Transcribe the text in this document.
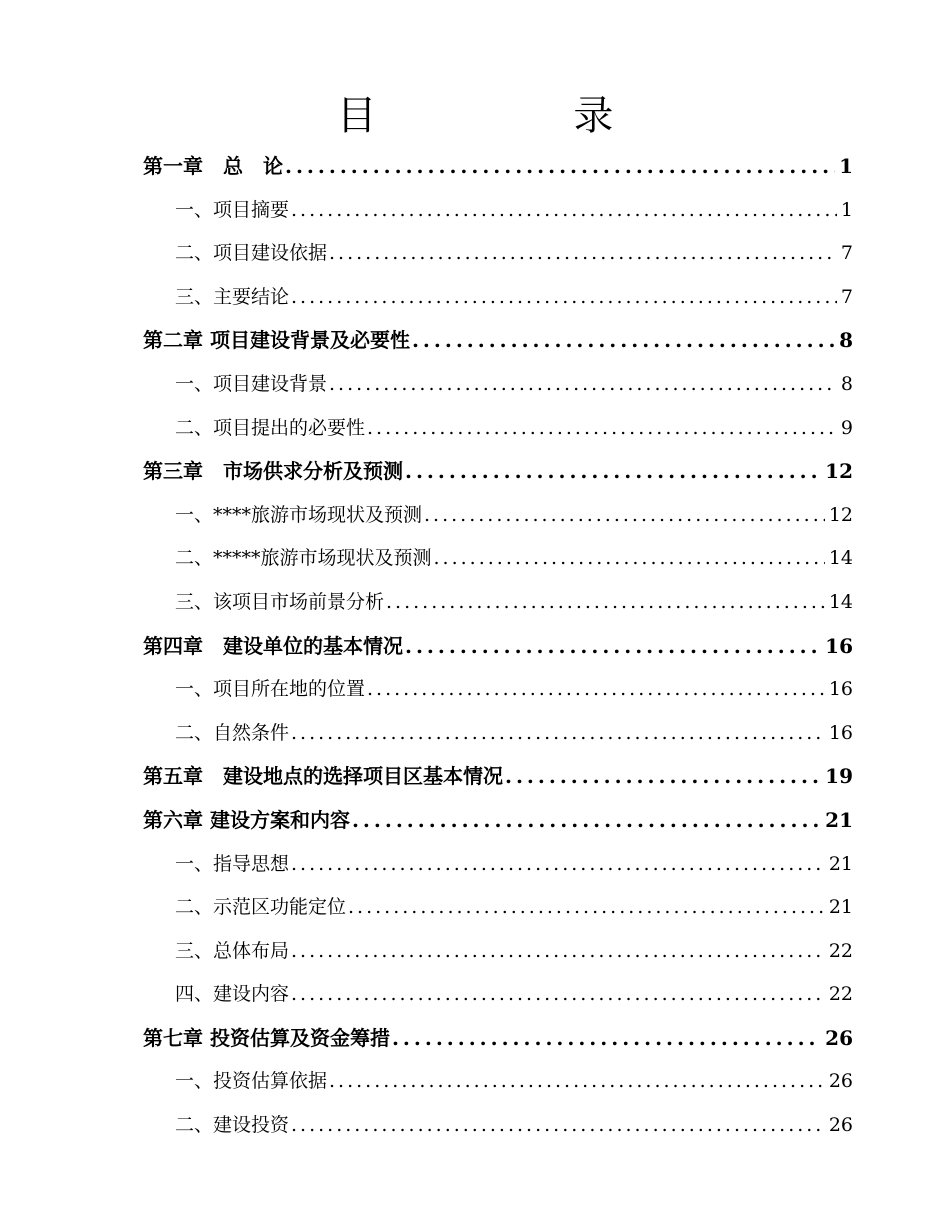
目 录
第一章　总　论 .....	1
一、项目摘要 .....	1
二、项目建设依据 .....	7
三、主要结论 .....	7
第二章 项目建设背景及必要性 .....	8
一、项目建设背景 .....	8
二、项目提出的必要性 .....	9
第三章　市场供求分析及预测 .....	12
一、****旅游市场现状及预测 .....	12
二、*****旅游市场现状及预测 .....	14
三、该项目市场前景分析 .....	14
第四章　建设单位的基本情况 .....	16
一、项目所在地的位置 .....	16
二、自然条件 .....	16
第五章　建设地点的选择项目区基本情况 .....	19
第六章 建设方案和内容 .....	21
一、指导思想 .....	21
二、示范区功能定位 .....	21
三、总体布局 .....	22
四、建设内容 .....	22
第七章 投资估算及资金筹措 .....	26
一、投资估算依据 .....	26
二、建设投资 .....	26
